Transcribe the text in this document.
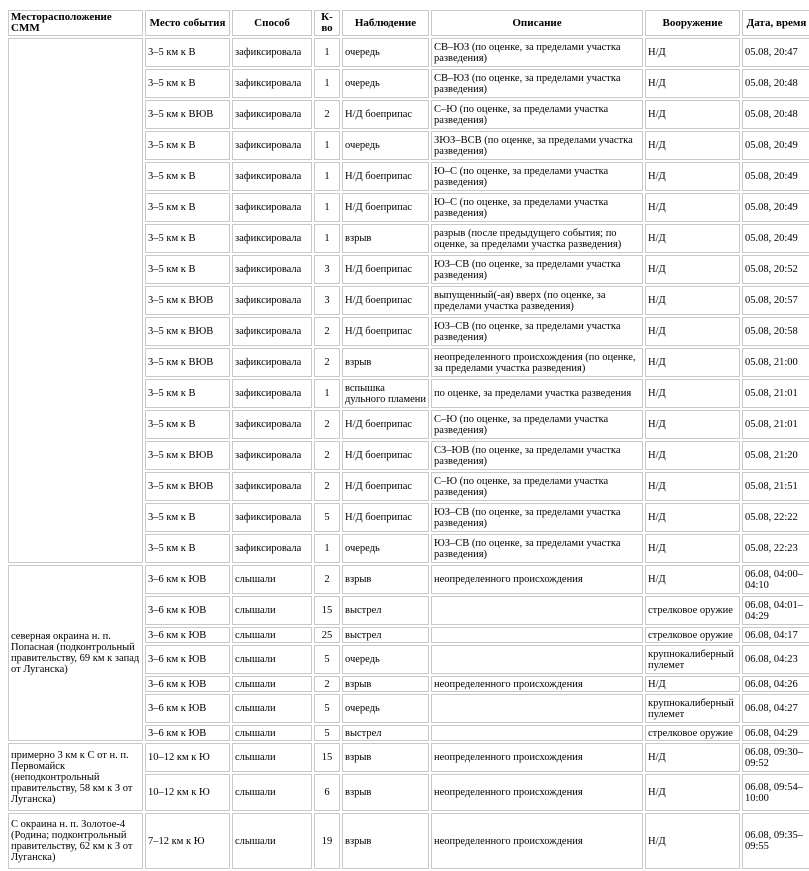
Месторасположение СММ	Место события	Способ	К-во	Наблюдение	Описание	Вооружение	Дата, время
	3–5 км к В	зафиксировала	1	очередь	СВ–ЮЗ (по оценке, за пределами участка разведения)	Н/Д	05.08, 20:47
	3–5 км к В	зафиксировала	1	очередь	СВ–ЮЗ (по оценке, за пределами участка разведения)	Н/Д	05.08, 20:48
	3–5 км к ВЮВ	зафиксировала	2	Н/Д боеприпас	С–Ю (по оценке, за пределами участка разведения)	Н/Д	05.08, 20:48
	3–5 км к В	зафиксировала	1	очередь	ЗЮЗ–ВСВ (по оценке, за пределами участка разведения)	Н/Д	05.08, 20:49
	3–5 км к В	зафиксировала	1	Н/Д боеприпас	Ю–С (по оценке, за пределами участка разведения)	Н/Д	05.08, 20:49
	3–5 км к В	зафиксировала	1	Н/Д боеприпас	Ю–С (по оценке, за пределами участка разведения)	Н/Д	05.08, 20:49
	3–5 км к В	зафиксировала	1	взрыв	разрыв (после предыдущего события; по оценке, за пределами участка разведения)	Н/Д	05.08, 20:49
	3–5 км к В	зафиксировала	3	Н/Д боеприпас	ЮЗ–СВ (по оценке, за пределами участка разведения)	Н/Д	05.08, 20:52
	3–5 км к ВЮВ	зафиксировала	3	Н/Д боеприпас	выпущенный(-ая) вверх (по оценке, за пределами участка разведения)	Н/Д	05.08, 20:57
	3–5 км к ВЮВ	зафиксировала	2	Н/Д боеприпас	ЮЗ–СВ (по оценке, за пределами участка разведения)	Н/Д	05.08, 20:58
	3–5 км к ВЮВ	зафиксировала	2	взрыв	неопределенного происхождения (по оценке, за пределами участка разведения)	Н/Д	05.08, 21:00
	3–5 км к В	зафиксировала	1	вспышка дульного пламени	по оценке, за пределами участка разведения	Н/Д	05.08, 21:01
	3–5 км к В	зафиксировала	2	Н/Д боеприпас	С–Ю (по оценке, за пределами участка разведения)	Н/Д	05.08, 21:01
	3–5 км к ВЮВ	зафиксировала	2	Н/Д боеприпас	СЗ–ЮВ (по оценке, за пределами участка разведения)	Н/Д	05.08, 21:20
	3–5 км к ВЮВ	зафиксировала	2	Н/Д боеприпас	С–Ю (по оценке, за пределами участка разведения)	Н/Д	05.08, 21:51
	3–5 км к В	зафиксировала	5	Н/Д боеприпас	ЮЗ–СВ (по оценке, за пределами участка разведения)	Н/Д	05.08, 22:22
	3–5 км к В	зафиксировала	1	очередь	ЮЗ–СВ (по оценке, за пределами участка разведения)	Н/Д	05.08, 22:23
северная окраина н. п. Попасная (подконтрольный правительству, 69 км к запад от Луганска)	3–6 км к ЮВ	слышали	2	взрыв	неопределенного происхождения	Н/Д	06.08, 04:00–04:10
	3–6 км к ЮВ	слышали	15	выстрел		стрелковое оружие	06.08, 04:01–04:29
	3–6 км к ЮВ	слышали	25	выстрел		стрелковое оружие	06.08, 04:17
	3–6 км к ЮВ	слышали	5	очередь		крупнокалиберный пулемет	06.08, 04:23
	3–6 км к ЮВ	слышали	2	взрыв	неопределенного происхождения	Н/Д	06.08, 04:26
	3–6 км к ЮВ	слышали	5	очередь		крупнокалиберный пулемет	06.08, 04:27
	3–6 км к ЮВ	слышали	5	выстрел		стрелковое оружие	06.08, 04:29
примерно 3 км к С от н. п. Первомайск (неподконтрольный правительству, 58 км к З от Луганска)	10–12 км к Ю	слышали	15	взрыв	неопределенного происхождения	Н/Д	06.08, 09:30–09:52
	10–12 км к Ю	слышали	6	взрыв	неопределенного происхождения	Н/Д	06.08, 09:54–10:00
С окраина н. п. Золотое-4 (Родина; подконтрольный правительству, 62 км к З от Луганска)	7–12 км к Ю	слышали	19	взрыв	неопределенного происхождения	Н/Д	06.08, 09:35–09:55
